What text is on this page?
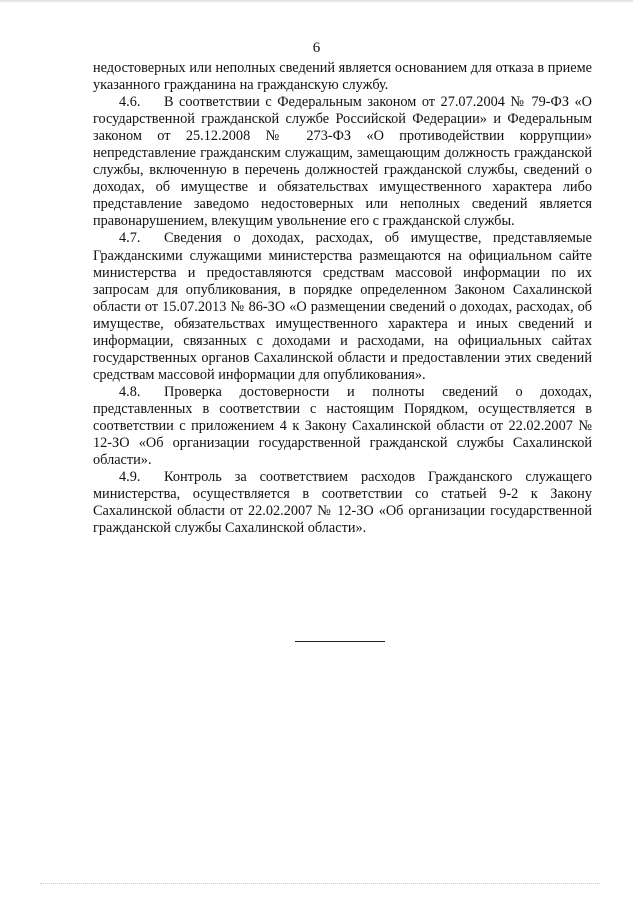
6

недостоверных или неполных сведений является основанием для отказа в приеме указанного гражданина на гражданскую службу.

4.6. В соответствии с Федеральным законом от 27.07.2004 № 79-ФЗ «О государственной гражданской службе Российской Федерации» и Федеральным законом от 25.12.2008 № 273-ФЗ «О противодействии коррупции» непредставление гражданским служащим, замещающим должность гражданской службы, включенную в перечень должностей гражданской службы, сведений о доходах, об имуществе и обязательствах имущественного характера либо представление заведомо недостоверных или неполных сведений является правонарушением, влекущим увольнение его с гражданской службы.

4.7. Сведения о доходах, расходах, об имуществе, представляемые Гражданскими служащими министерства размещаются на официальном сайте министерства и предоставляются средствам массовой информации по их запросам для опубликования, в порядке определенном Законом Сахалинской области от 15.07.2013 № 86-ЗО «О размещении сведений о доходах, расходах, об имуществе, обязательствах имущественного характера и иных сведений и информации, связанных с доходами и расходами, на официальных сайтах государственных органов Сахалинской области и предоставлении этих сведений средствам массовой информации для опубликования».

4.8. Проверка достоверности и полноты сведений о доходах, представленных в соответствии с настоящим Порядком, осуществляется в соответствии с приложением 4 к Закону Сахалинской области от 22.02.2007 № 12-ЗО «Об организации государственной гражданской службы Сахалинской области».

4.9. Контроль за соответствием расходов Гражданского служащего министерства, осуществляется в соответствии со статьей 9-2 к Закону Сахалинской области от 22.02.2007 № 12-ЗО «Об организации государственной гражданской службы Сахалинской области».
